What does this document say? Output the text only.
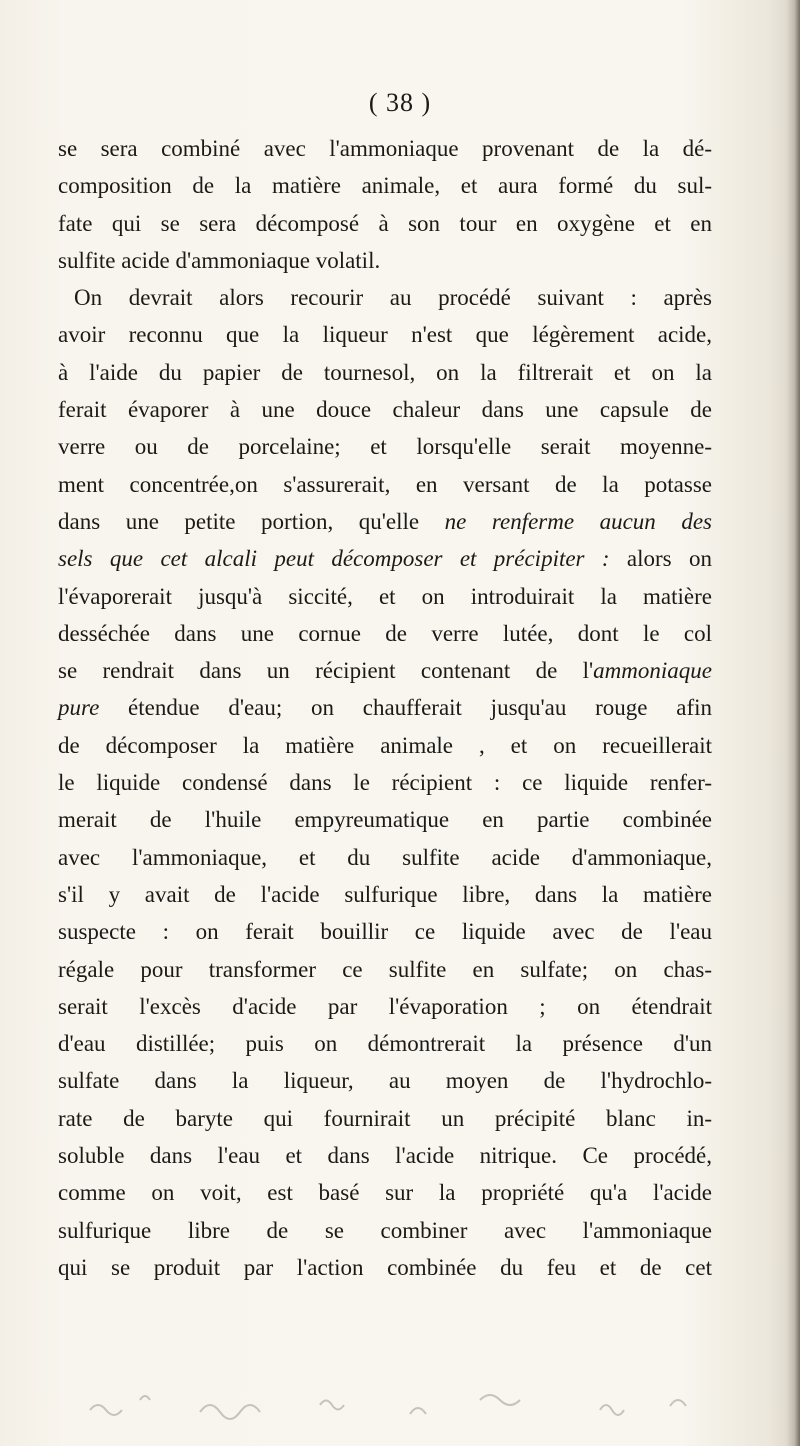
( 38 )
se sera combiné avec l'ammoniaque provenant de la dé-
composition de la matière animale, et aura formé du sul-
fate qui se sera décomposé à son tour en oxygène et en
sulfite acide d'ammoniaque volatil.
On devrait alors recourir au procédé suivant : après
avoir reconnu que la liqueur n'est que légèrement acide,
à l'aide du papier de tournesol, on la filtrerait et on la
ferait évaporer à une douce chaleur dans une capsule de
verre ou de porcelaine; et lorsqu'elle serait moyenne-
ment concentrée,on s'assurerait, en versant de la potasse
dans une petite portion, qu'elle ne renferme aucun des
sels que cet alcali peut décomposer et précipiter : alors on
l'évaporerait jusqu'à siccité, et on introduirait la matière
desséchée dans une cornue de verre lutée, dont le col
se rendrait dans un récipient contenant de l'ammoniaque
pure étendue d'eau; on chaufferait jusqu'au rouge afin
de décomposer la matière animale , et on recueillerait
le liquide condensé dans le récipient : ce liquide renfer-
merait de l'huile empyreumatique en partie combinée
avec l'ammoniaque, et du sulfite acide d'ammoniaque,
s'il y avait de l'acide sulfurique libre, dans la matière
suspecte : on ferait bouillir ce liquide avec de l'eau
régale pour transformer ce sulfite en sulfate; on chas-
serait l'excès d'acide par l'évaporation ; on étendrait
d'eau distillée; puis on démontrerait la présence d'un
sulfate dans la liqueur, au moyen de l'hydrochlo-
rate de baryte qui fournirait un précipité blanc in-
soluble dans l'eau et dans l'acide nitrique. Ce procédé,
comme on voit, est basé sur la propriété qu'a l'acide
sulfurique libre de se combiner avec l'ammoniaque
qui se produit par l'action combinée du feu et de cet
